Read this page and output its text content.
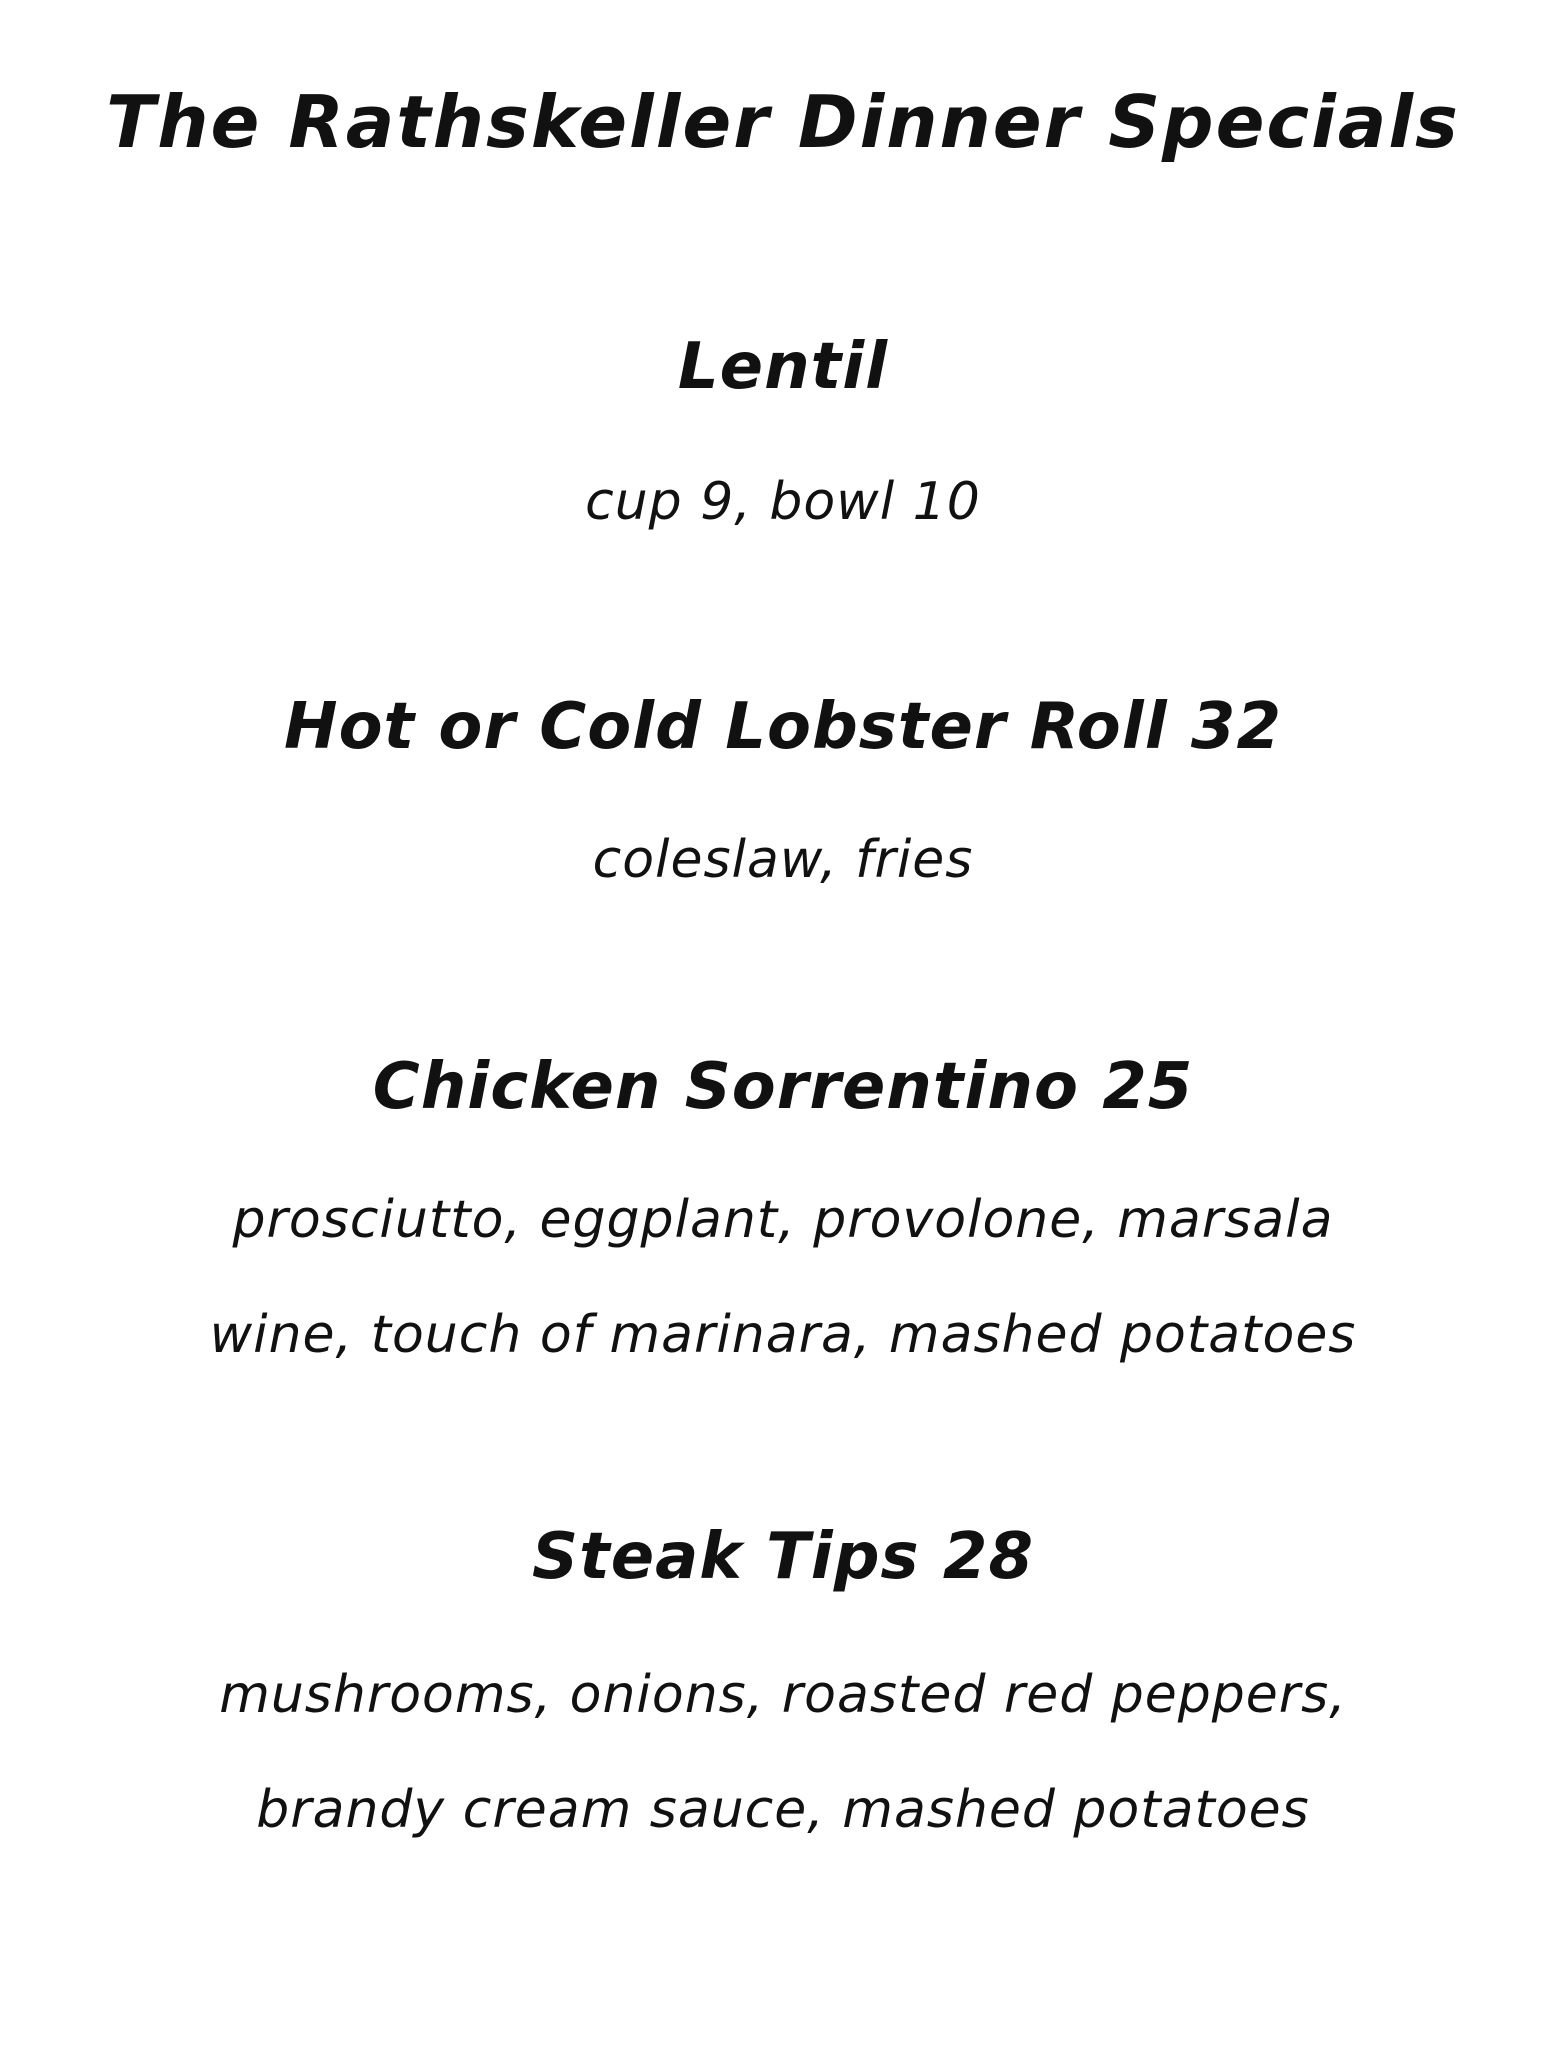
The Rathskeller Dinner Specials
Lentil
cup 9, bowl 10
Hot or Cold Lobster Roll 32
coleslaw, fries
Chicken Sorrentino 25
prosciutto, eggplant, provolone, marsala
wine, touch of marinara, mashed potatoes
Steak Tips 28
mushrooms, onions, roasted red peppers,
brandy cream sauce, mashed potatoes
